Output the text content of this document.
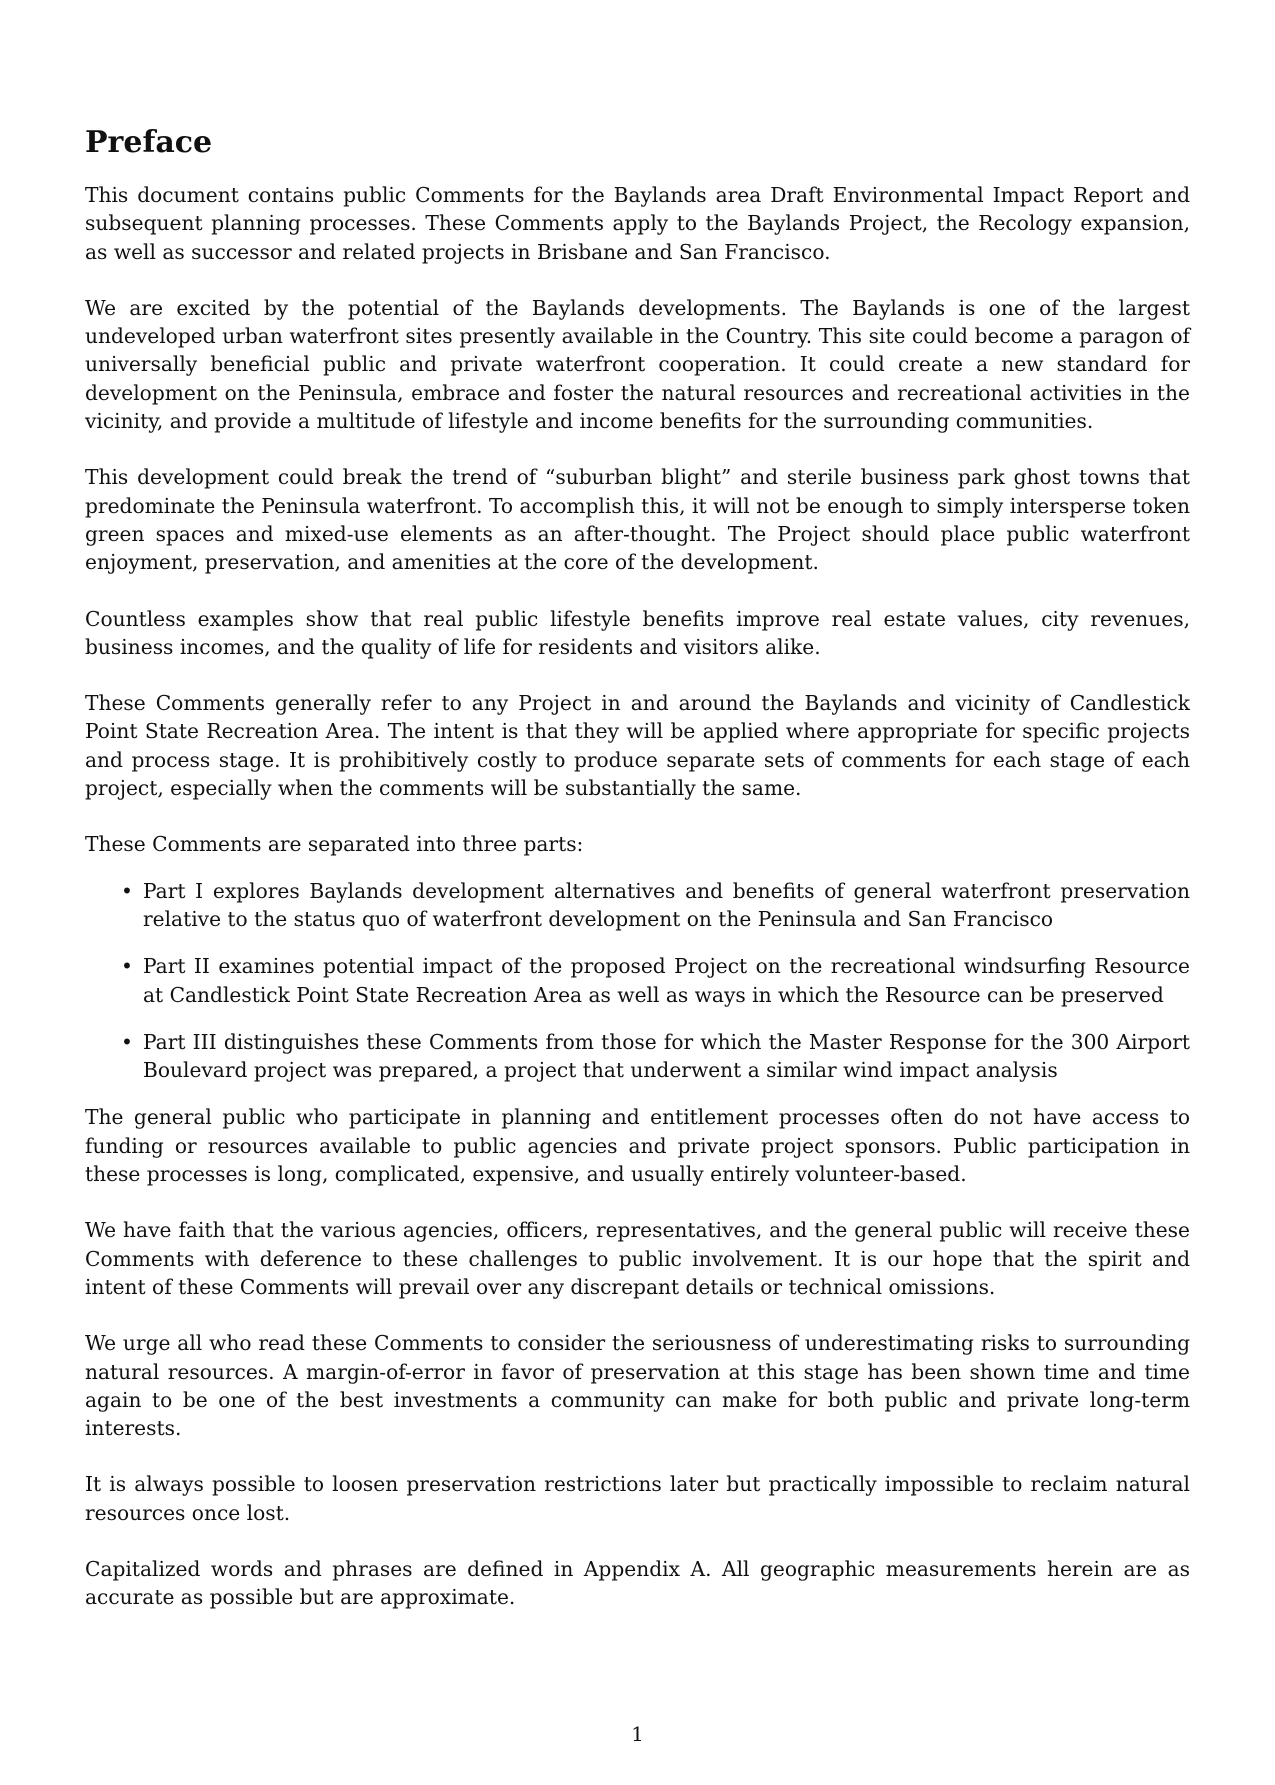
Preface

This document contains public Comments for the Baylands area Draft Environmental Impact Report and subsequent planning processes. These Comments apply to the Baylands Project, the Recology expansion, as well as successor and related projects in Brisbane and San Francisco.

We are excited by the potential of the Baylands developments. The Baylands is one of the largest undeveloped urban waterfront sites presently available in the Country. This site could become a paragon of universally beneficial public and private waterfront cooperation. It could create a new standard for development on the Peninsula, embrace and foster the natural resources and recreational activities in the vicinity, and provide a multitude of lifestyle and income benefits for the surrounding communities.

This development could break the trend of “suburban blight” and sterile business park ghost towns that predominate the Peninsula waterfront. To accomplish this, it will not be enough to simply intersperse token green spaces and mixed-use elements as an after-thought. The Project should place public waterfront enjoyment, preservation, and amenities at the core of the development.

Countless examples show that real public lifestyle benefits improve real estate values, city revenues, business incomes, and the quality of life for residents and visitors alike.

These Comments generally refer to any Project in and around the Baylands and vicinity of Candlestick Point State Recreation Area. The intent is that they will be applied where appropriate for specific projects and process stage. It is prohibitively costly to produce separate sets of comments for each stage of each project, especially when the comments will be substantially the same.

These Comments are separated into three parts:

• Part I explores Baylands development alternatives and benefits of general waterfront preservation relative to the status quo of waterfront development on the Peninsula and San Francisco
• Part II examines potential impact of the proposed Project on the recreational windsurfing Resource at Candlestick Point State Recreation Area as well as ways in which the Resource can be preserved
• Part III distinguishes these Comments from those for which the Master Response for the 300 Airport Boulevard project was prepared, a project that underwent a similar wind impact analysis

The general public who participate in planning and entitlement processes often do not have access to funding or resources available to public agencies and private project sponsors. Public participation in these processes is long, complicated, expensive, and usually entirely volunteer-based.

We have faith that the various agencies, officers, representatives, and the general public will receive these Comments with deference to these challenges to public involvement. It is our hope that the spirit and intent of these Comments will prevail over any discrepant details or technical omissions.

We urge all who read these Comments to consider the seriousness of underestimating risks to surrounding natural resources. A margin-of-error in favor of preservation at this stage has been shown time and time again to be one of the best investments a community can make for both public and private long-term interests.

It is always possible to loosen preservation restrictions later but practically impossible to reclaim natural resources once lost.

Capitalized words and phrases are defined in Appendix A. All geographic measurements herein are as accurate as possible but are approximate.

1
